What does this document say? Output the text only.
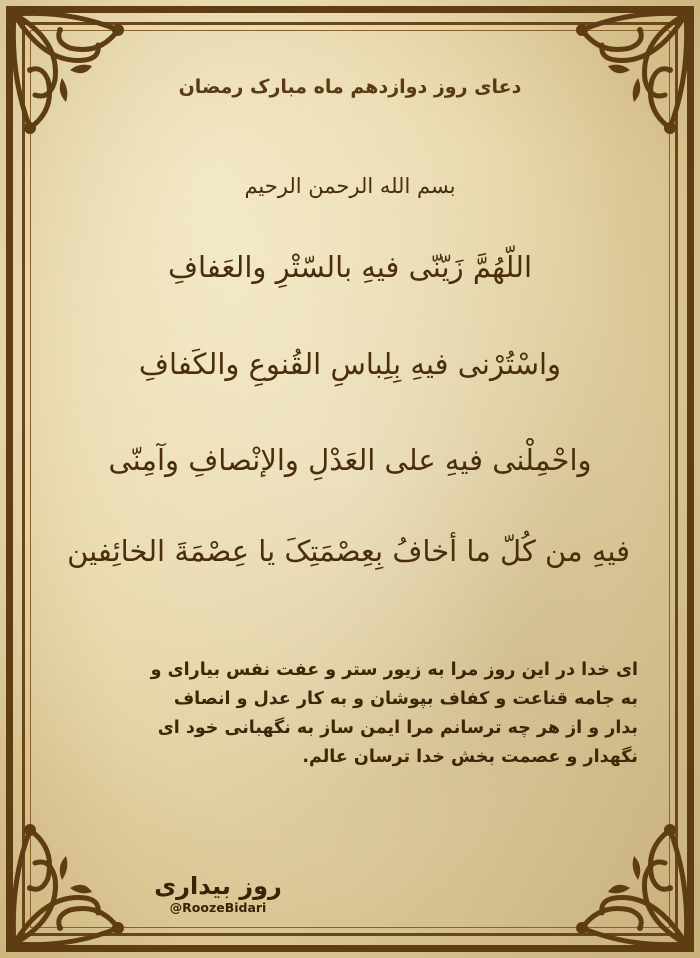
دعای روز دوازدهم ماه مبارک رمضان
بسم الله الرحمن الرحیم
اللّهُمَّ زَیّنّی فیهِ بالسّتْرِ والعَفافِ
واسْتُرْنی فیهِ بِلِباسِ القُنوعِ والکَفافِ
واحْمِلْنی فیهِ علی العَدْلِ والإنْصافِ وآمِنّی
فیهِ من کُلّ ما أخافُ بِعِصْمَتِکَ یا عِصْمَةَ الخائِفین
ای خدا در این روز مرا به زیور ستر و عفت نفس بیارای و
به جامه قناعت و کفاف بپوشان و به کار عدل و انصاف
بدار و از هر چه ترسانم مرا ایمن ساز به نگهبانی خود ای
نگهدار و عصمت بخش خدا ترسان عالم.
روز بیداری
@RoozeBidari
